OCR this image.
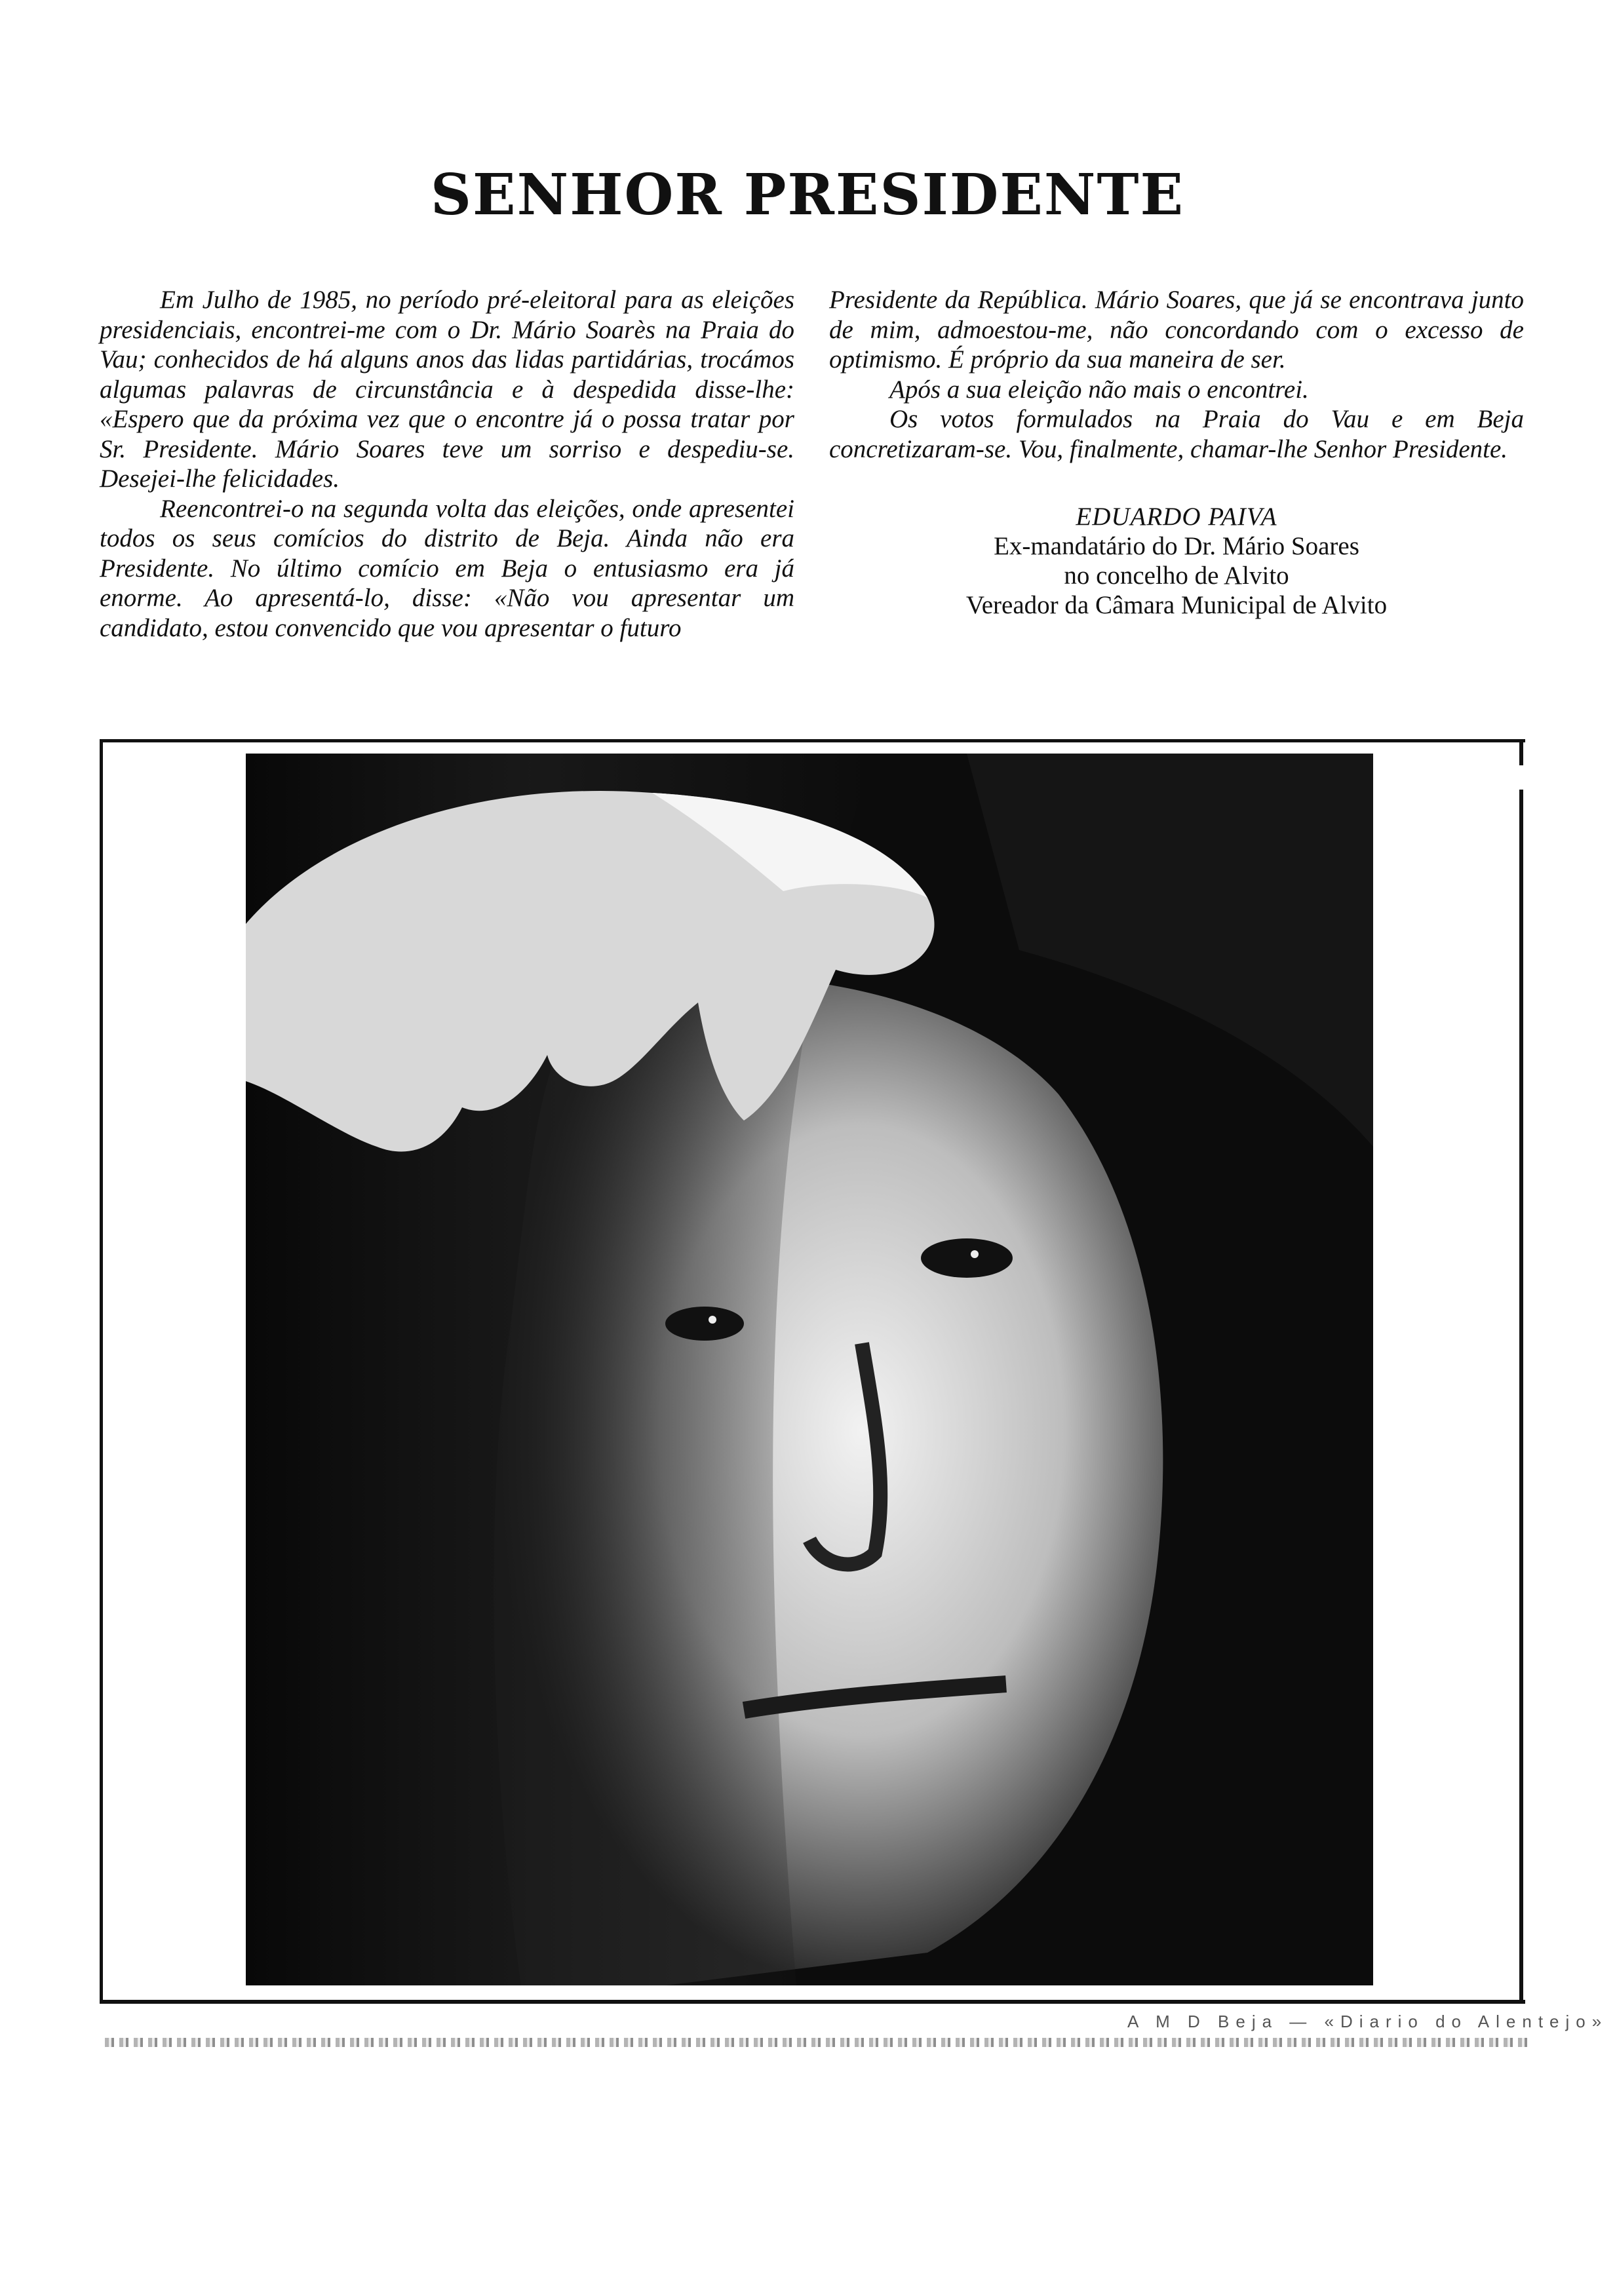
SENHOR PRESIDENTE

Em Julho de 1985, no período pré-eleitoral para as eleições presidenciais, encontrei-me com o Dr. Mário Soarès na Praia do Vau; conhecidos de há alguns anos das lidas partidárias, trocámos algumas palavras de circunstância e à despedida disse-lhe: «Espero que da próxima vez que o encontre já o possa tratar por Sr. Presidente. Mário Soares teve um sorriso e despediu-se. Desejei-lhe felicidades.

Reencontrei-o na segunda volta das eleições, onde apresentei todos os seus comícios do distrito de Beja. Ainda não era Presidente. No último comício em Beja o entusiasmo era já enorme. Ao apresentá-lo, disse: «Não vou apresentar um candidato, estou convencido que vou apresentar o futuro

Presidente da República. Mário Soares, que já se encontrava junto de mim, admoestou-me, não concordando com o excesso de optimismo. É próprio da sua maneira de ser.

Após a sua eleição não mais o encontrei.

Os votos formulados na Praia do Vau e em Beja concretizaram-se. Vou, finalmente, chamar-lhe Senhor Presidente.

EDUARDO PAIVA
Ex-mandatário do Dr. Mário Soares
no concelho de Alvito
Vereador da Câmara Municipal de Alvito
A M D Beja — «Diario do Alentejo»
